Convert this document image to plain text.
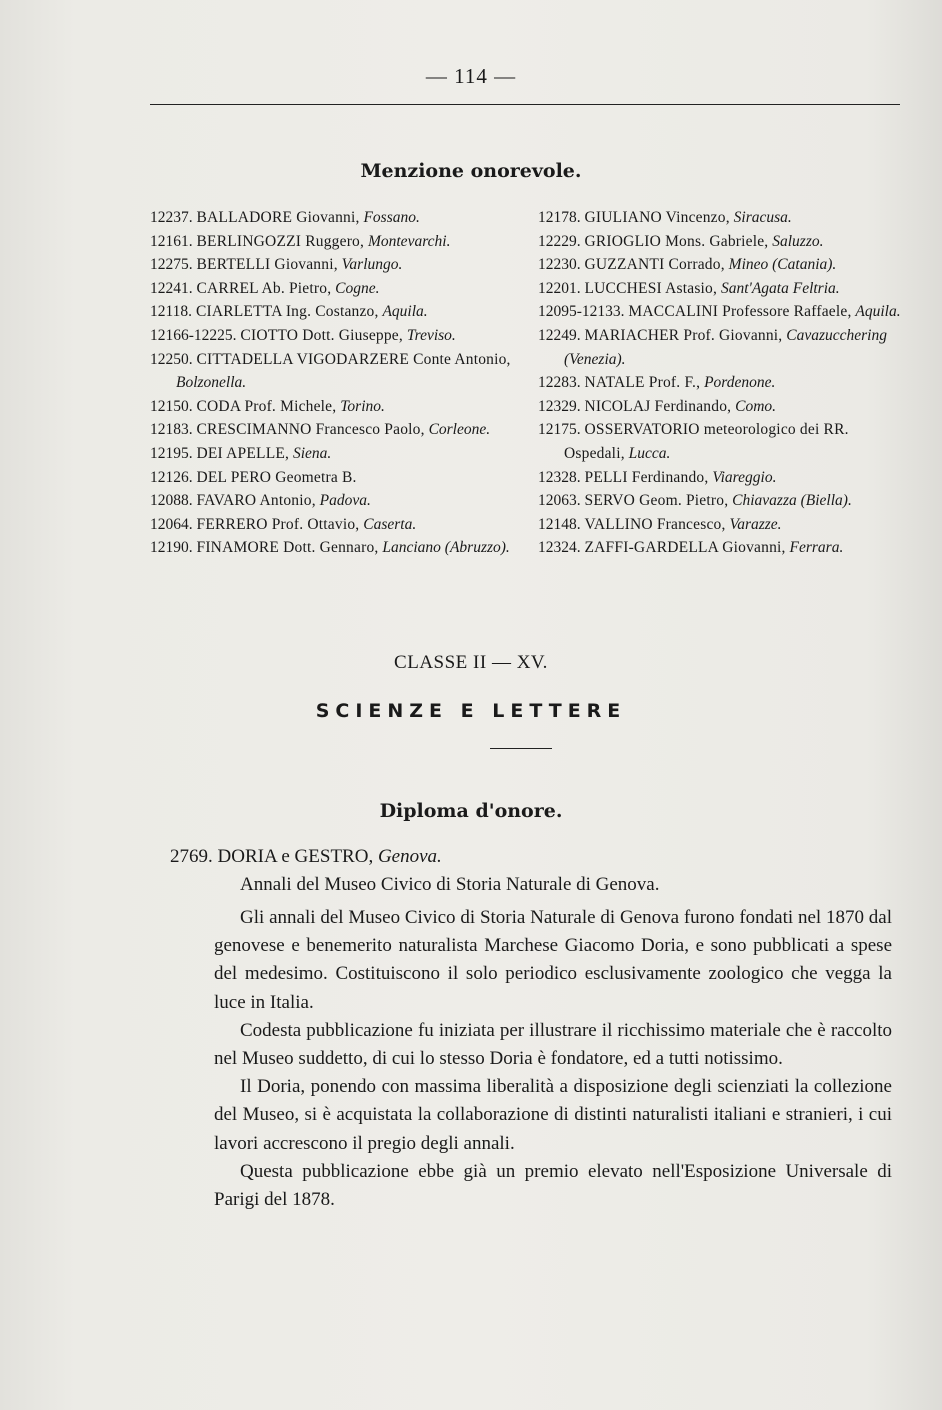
— 114 —
Menzione onorevole.
12237. BALLADORE Giovanni, Fossano.
12161. BERLINGOZZI Ruggero, Montevarchi.
12275. BERTELLI Giovanni, Varlungo.
12241. CARREL Ab. Pietro, Cogne.
12118. CIARLETTA Ing. Costanzo, Aquila.
12166-12225. CIOTTO Dott. Giuseppe, Treviso.
12250. CITTADELLA VIGODARZERE Conte Antonio, Bolzonella.
12150. CODA Prof. Michele, Torino.
12183. CRESCIMANNO Francesco Paolo, Corleone.
12195. DEI APELLE, Siena.
12126. DEL PERO Geometra B.
12088. FAVARO Antonio, Padova.
12064. FERRERO Prof. Ottavio, Caserta.
12190. FINAMORE Dott. Gennaro, Lanciano (Abruzzo).
12178. GIULIANO Vincenzo, Siracusa.
12229. GRIOGLIO Mons. Gabriele, Saluzzo.
12230. GUZZANTI Corrado, Mineo (Catania).
12201. LUCCHESI Astasio, Sant'Agata Feltria.
12095-12133. MACCALINI Professore Raffaele, Aquila.
12249. MARIACHER Prof. Giovanni, Cavazucchering (Venezia).
12283. NATALE Prof. F., Pordenone.
12329. NICOLAJ Ferdinando, Como.
12175. OSSERVATORIO meteorologico dei RR. Ospedali, Lucca.
12328. PELLI Ferdinando, Viareggio.
12063. SERVO Geom. Pietro, Chiavazza (Biella).
12148. VALLINO Francesco, Varazze.
12324. ZAFFI-GARDELLA Giovanni, Ferrara.
CLASSE II — XV.
SCIENZE E LETTERE
Diploma d'onore.
2769. DORIA e GESTRO, Genova.
Annali del Museo Civico di Storia Naturale di Genova.

Gli annali del Museo Civico di Storia Naturale di Genova furono fondati nel 1870 dal genovese e benemerito naturalista Marchese Giacomo Doria, e sono pubblicati a spese del medesimo. Costituiscono il solo periodico esclusivamente zoologico che vegga la luce in Italia.

Codesta pubblicazione fu iniziata per illustrare il ricchissimo materiale che è raccolto nel Museo suddetto, di cui lo stesso Doria è fondatore, ed a tutti notissimo.

Il Doria, ponendo con massima liberalità a disposizione degli scienziati la collezione del Museo, si è acquistata la collaborazione di distinti naturalisti italiani e stranieri, i cui lavori accrescono il pregio degli annali.

Questa pubblicazione ebbe già un premio elevato nell'Esposizione Universale di Parigi del 1878.
